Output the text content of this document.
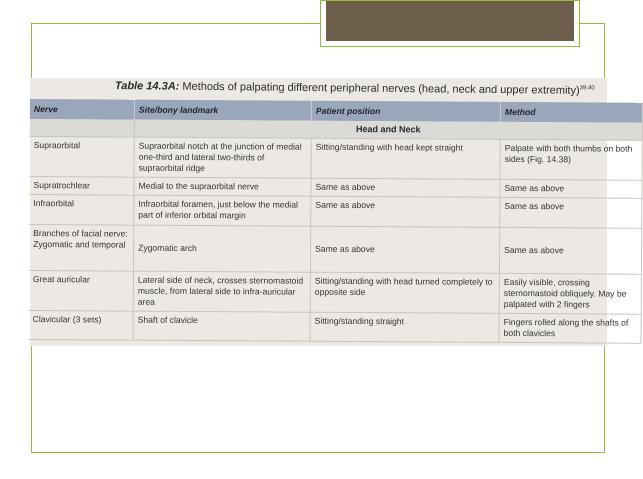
Table 14.3A: Methods of palpating different peripheral nerves (head, neck and upper extremity)$^{39,40}$
Nerve	Site/bony landmark	Patient position	Method
	Head and Neck		
Supraorbital	Supraorbital notch at the junction of medial one-third and lateral two-thirds of supraorbital ridge	Sitting/standing with head kept straight	Palpate with both thumbs on both sides (Fig. 14.38)
Supratrochlear	Medial to the supraorbital nerve	Same as above	Same as above
Infraorbital	Infraorbital foramen, just below the medial part of inferior orbital margin	Same as above	Same as above
Branches of facial nerve: Zygomatic and temporal	Zygomatic arch	Same as above	Same as above
Great auricular	Lateral side of neck, crosses sternomastoid muscle, from lateral side to infra-auricular area	Sitting/standing with head turned completely to opposite side	Easily visible, crossing sternomastoid obliquely. May be palpated with 2 fingers
Clavicular (3 sets)	Shaft of clavicle	Sitting/standing straight	Fingers rolled along the shafts of both clavicles
